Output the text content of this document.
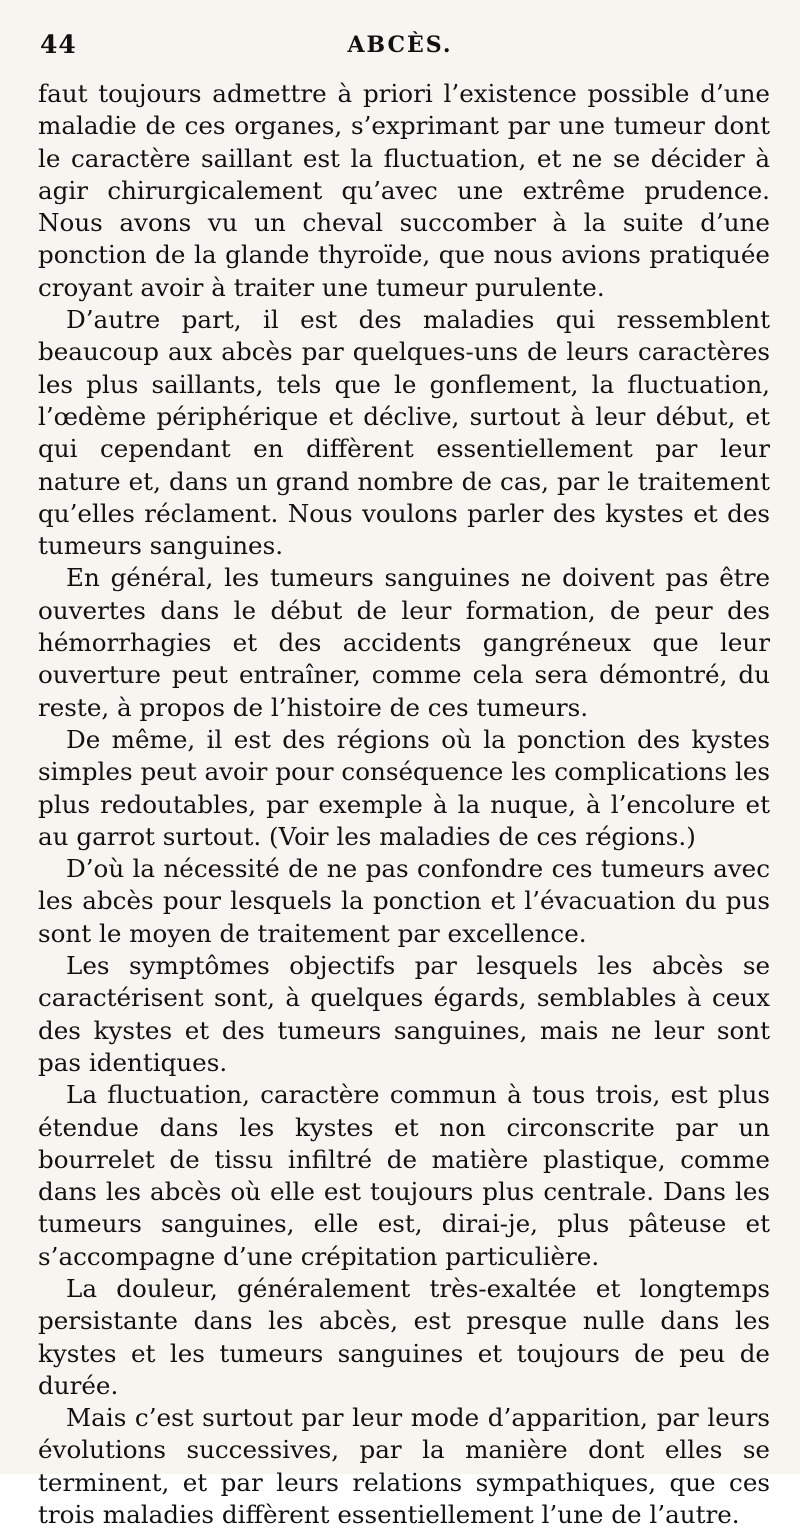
44	ABCÈS.

faut toujours admettre à priori l’existence possible d’une maladie de ces organes, s’exprimant par une tumeur dont le caractère saillant est la fluctuation, et ne se décider à agir chirurgicalement qu’avec une extrême prudence. Nous avons vu un cheval succomber à la suite d’une ponction de la glande thyroïde, que nous avions pratiquée croyant avoir à traiter une tumeur purulente.

D’autre part, il est des maladies qui ressemblent beaucoup aux abcès par quelques-uns de leurs caractères les plus saillants, tels que le gonflement, la fluctuation, l’œdème périphérique et déclive, surtout à leur début, et qui cependant en diffèrent essentiellement par leur nature et, dans un grand nombre de cas, par le traitement qu’elles réclament. Nous voulons parler des kystes et des tumeurs sanguines.

En général, les tumeurs sanguines ne doivent pas être ouvertes dans le début de leur formation, de peur des hémorrhagies et des accidents gangréneux que leur ouverture peut entraîner, comme cela sera démontré, du reste, à propos de l’histoire de ces tumeurs.

De même, il est des régions où la ponction des kystes simples peut avoir pour conséquence les complications les plus redoutables, par exemple à la nuque, à l’encolure et au garrot surtout. (Voir les maladies de ces régions.)

D’où la nécessité de ne pas confondre ces tumeurs avec les abcès pour lesquels la ponction et l’évacuation du pus sont le moyen de traitement par excellence.

Les symptômes objectifs par lesquels les abcès se caractérisent sont, à quelques égards, semblables à ceux des kystes et des tumeurs sanguines, mais ne leur sont pas identiques.

La fluctuation, caractère commun à tous trois, est plus étendue dans les kystes et non circonscrite par un bourrelet de tissu infiltré de matière plastique, comme dans les abcès où elle est toujours plus centrale. Dans les tumeurs sanguines, elle est, dirai-je, plus pâteuse et s’accompagne d’une crépitation particulière.

La douleur, généralement très-exaltée et longtemps persistante dans les abcès, est presque nulle dans les kystes et les tumeurs sanguines et toujours de peu de durée.

Mais c’est surtout par leur mode d’apparition, par leurs évolutions successives, par la manière dont elles se terminent, et par leurs relations sympathiques, que ces trois maladies diffèrent essentiellement l’une de l’autre.
